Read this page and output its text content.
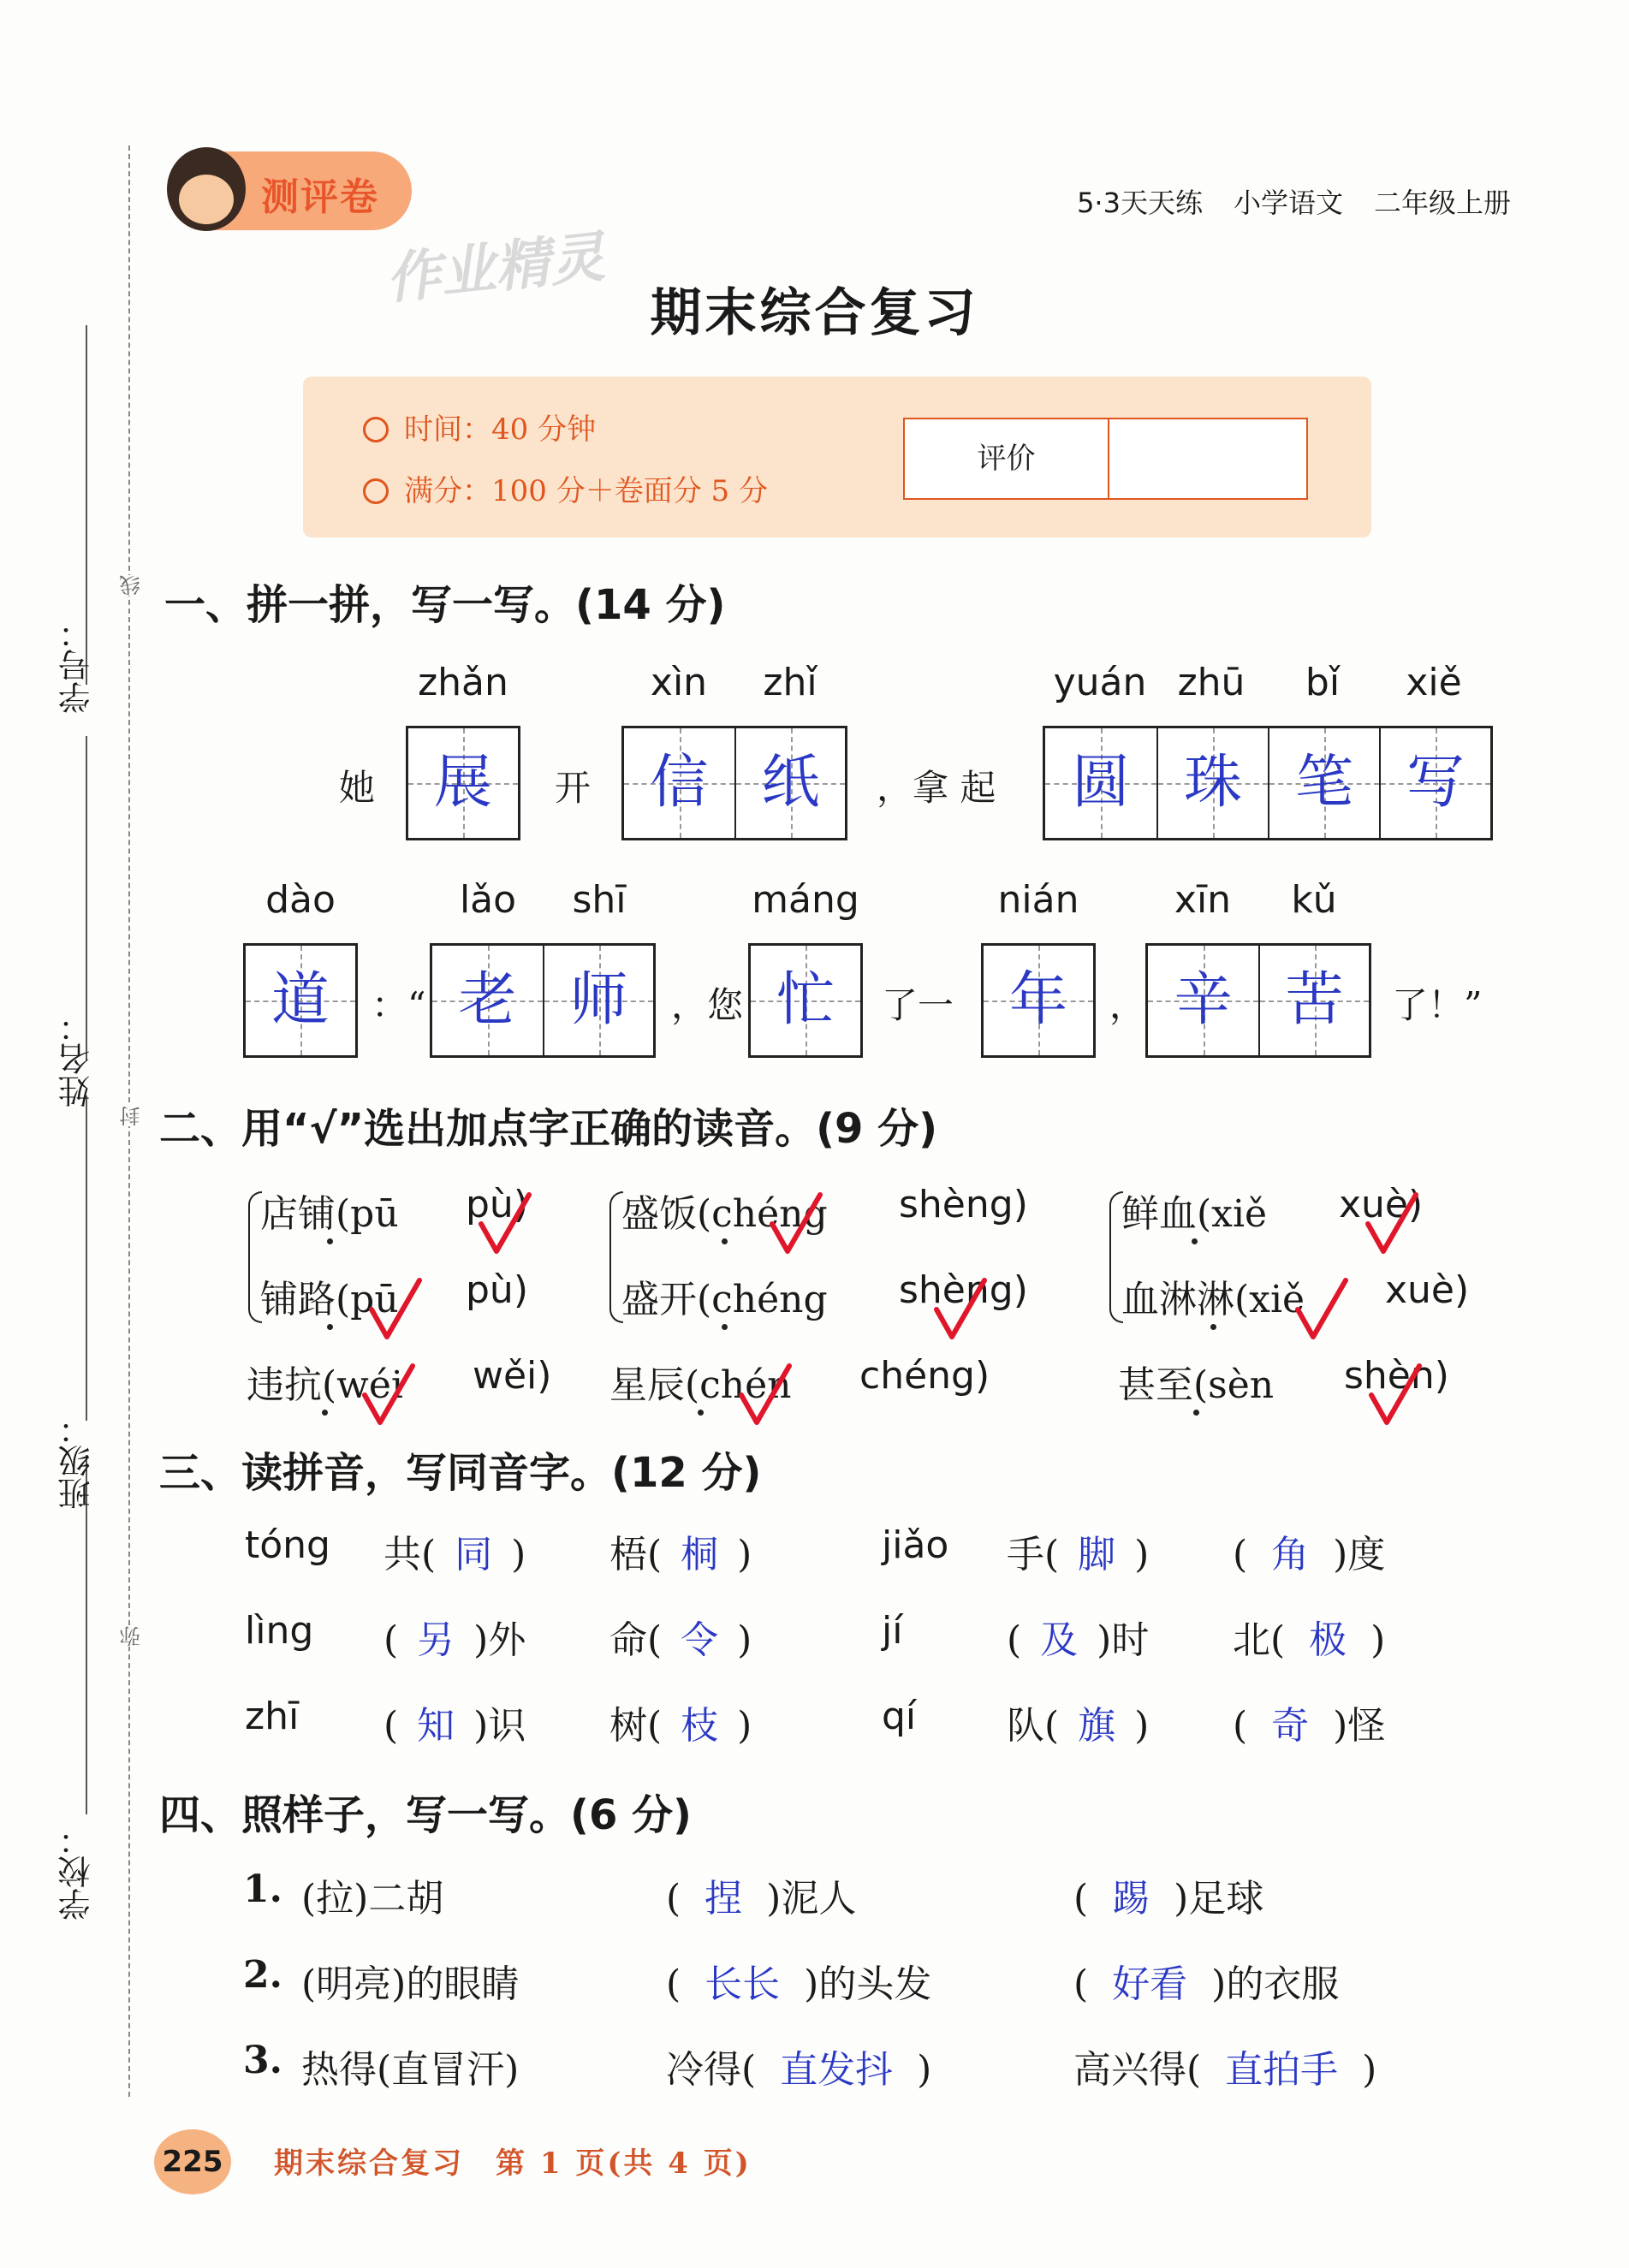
学号：
姓名：
班级：
学校：
线
封
弥
测评卷
作业精灵
5·3天天练 小学语文 二年级上册
期末综合复习
时间：40 分钟
满分：100 分＋卷面分 5 分
评价
一、拼一拼，写一写。(14 分)
zhǎn	xìn	zhǐ	yuán zhū	bǐ	xiě
她	展	开	信 纸	，拿 起	圆 珠 笔 写
dào	lǎo	shī	máng	nián	xīn	kǔ
道	：“ 老 师	，您 忙	了一 年	， 辛 苦	了！”
二、用“√”选出加点字正确的读音。(9 分)
店铺(pū pù)
铺路(pū pù)
盛饭(chéng shèng)
盛开(chéng shèng)
鲜血(xiě xuè)
血淋淋(xiě xuè)
违抗(wéi wěi) 星辰(chén chéng)	甚至(sèn shèn)
三、读拼音，写同音字。(12 分)
tóng 共( 同 ) 梧( 桐 )	jiǎo 手( 脚 ) ( 角 )度
lìng ( 另 )外 命( 令 )	jí	( 及 )时 北( 极 )
zhī ( 知 )识 树( 枝 )	qí 队( 旗 ) ( 奇 )怪
四、照样子，写一写。(6 分)
1. (拉)二胡	( 捏 )泥人	( 踢 )足球
2. (明亮)的眼睛	( 长长 )的头发	( 好看 )的衣服
3. 热得(直冒汗)	冷得( 直发抖 )	高兴得( 直拍手 )
225 期末综合复习　第 1 页(共 4 页)
